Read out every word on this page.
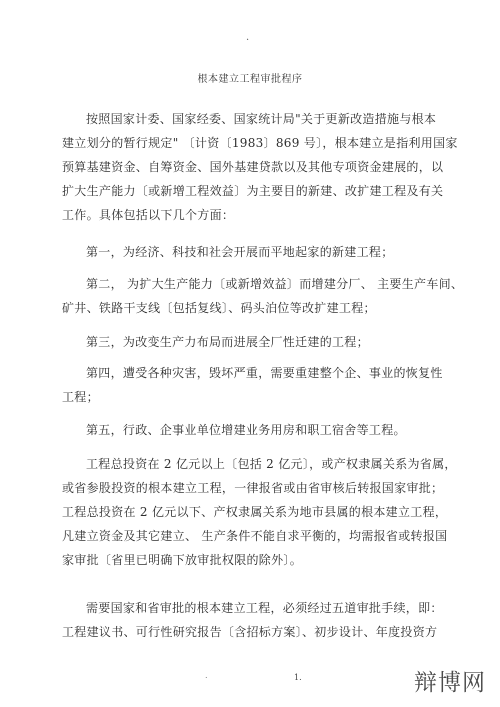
·
根本建立工程审批程序
按照国家计委、国家经委、国家统计局"关于更新改造措施与根本
建立划分的暂行规定" 〔计资〔1983〕869 号〕，根本建立是指利用国家
预算基建资金、自筹资金、国外基建贷款以及其他专项资金建展的，以
扩大生产能力〔或新增工程效益〕为主要目的新建、改扩建工程及有关
工作。具体包括以下几个方面：
第一，为经济、科技和社会开展而平地起家的新建工程；
第二， 为扩大生产能力〔或新增效益〕而增建分厂、 主要生产车间、
矿井、铁路干支线〔包括复线〕、码头泊位等改扩建工程；
第三，为改变生产力布局而进展全厂性迁建的工程；
第四，遭受各种灾害，毁坏严重，需要重建整个企、事业的恢复性
工程；
第五，行政、企事业单位增建业务用房和职工宿舍等工程。
工程总投资在 2 亿元以上〔包括 2 亿元〕，或产权隶属关系为省属，
或省参股投资的根本建立工程，一律报省或由省审核后转报国家审批；
工程总投资在 2 亿元以下、产权隶属关系为地市县属的根本建立工程，
凡建立资金及其它建立、 生产条件不能自求平衡的，均需报省或转报国
家审批〔省里已明确下放审批权限的除外〕。
需要国家和省审批的根本建立工程，必须经过五道审批手续，即：
工程建议书、可行性研究报告〔含招标方案〕、初步设计、年度投资方
.	1.	辩博网
